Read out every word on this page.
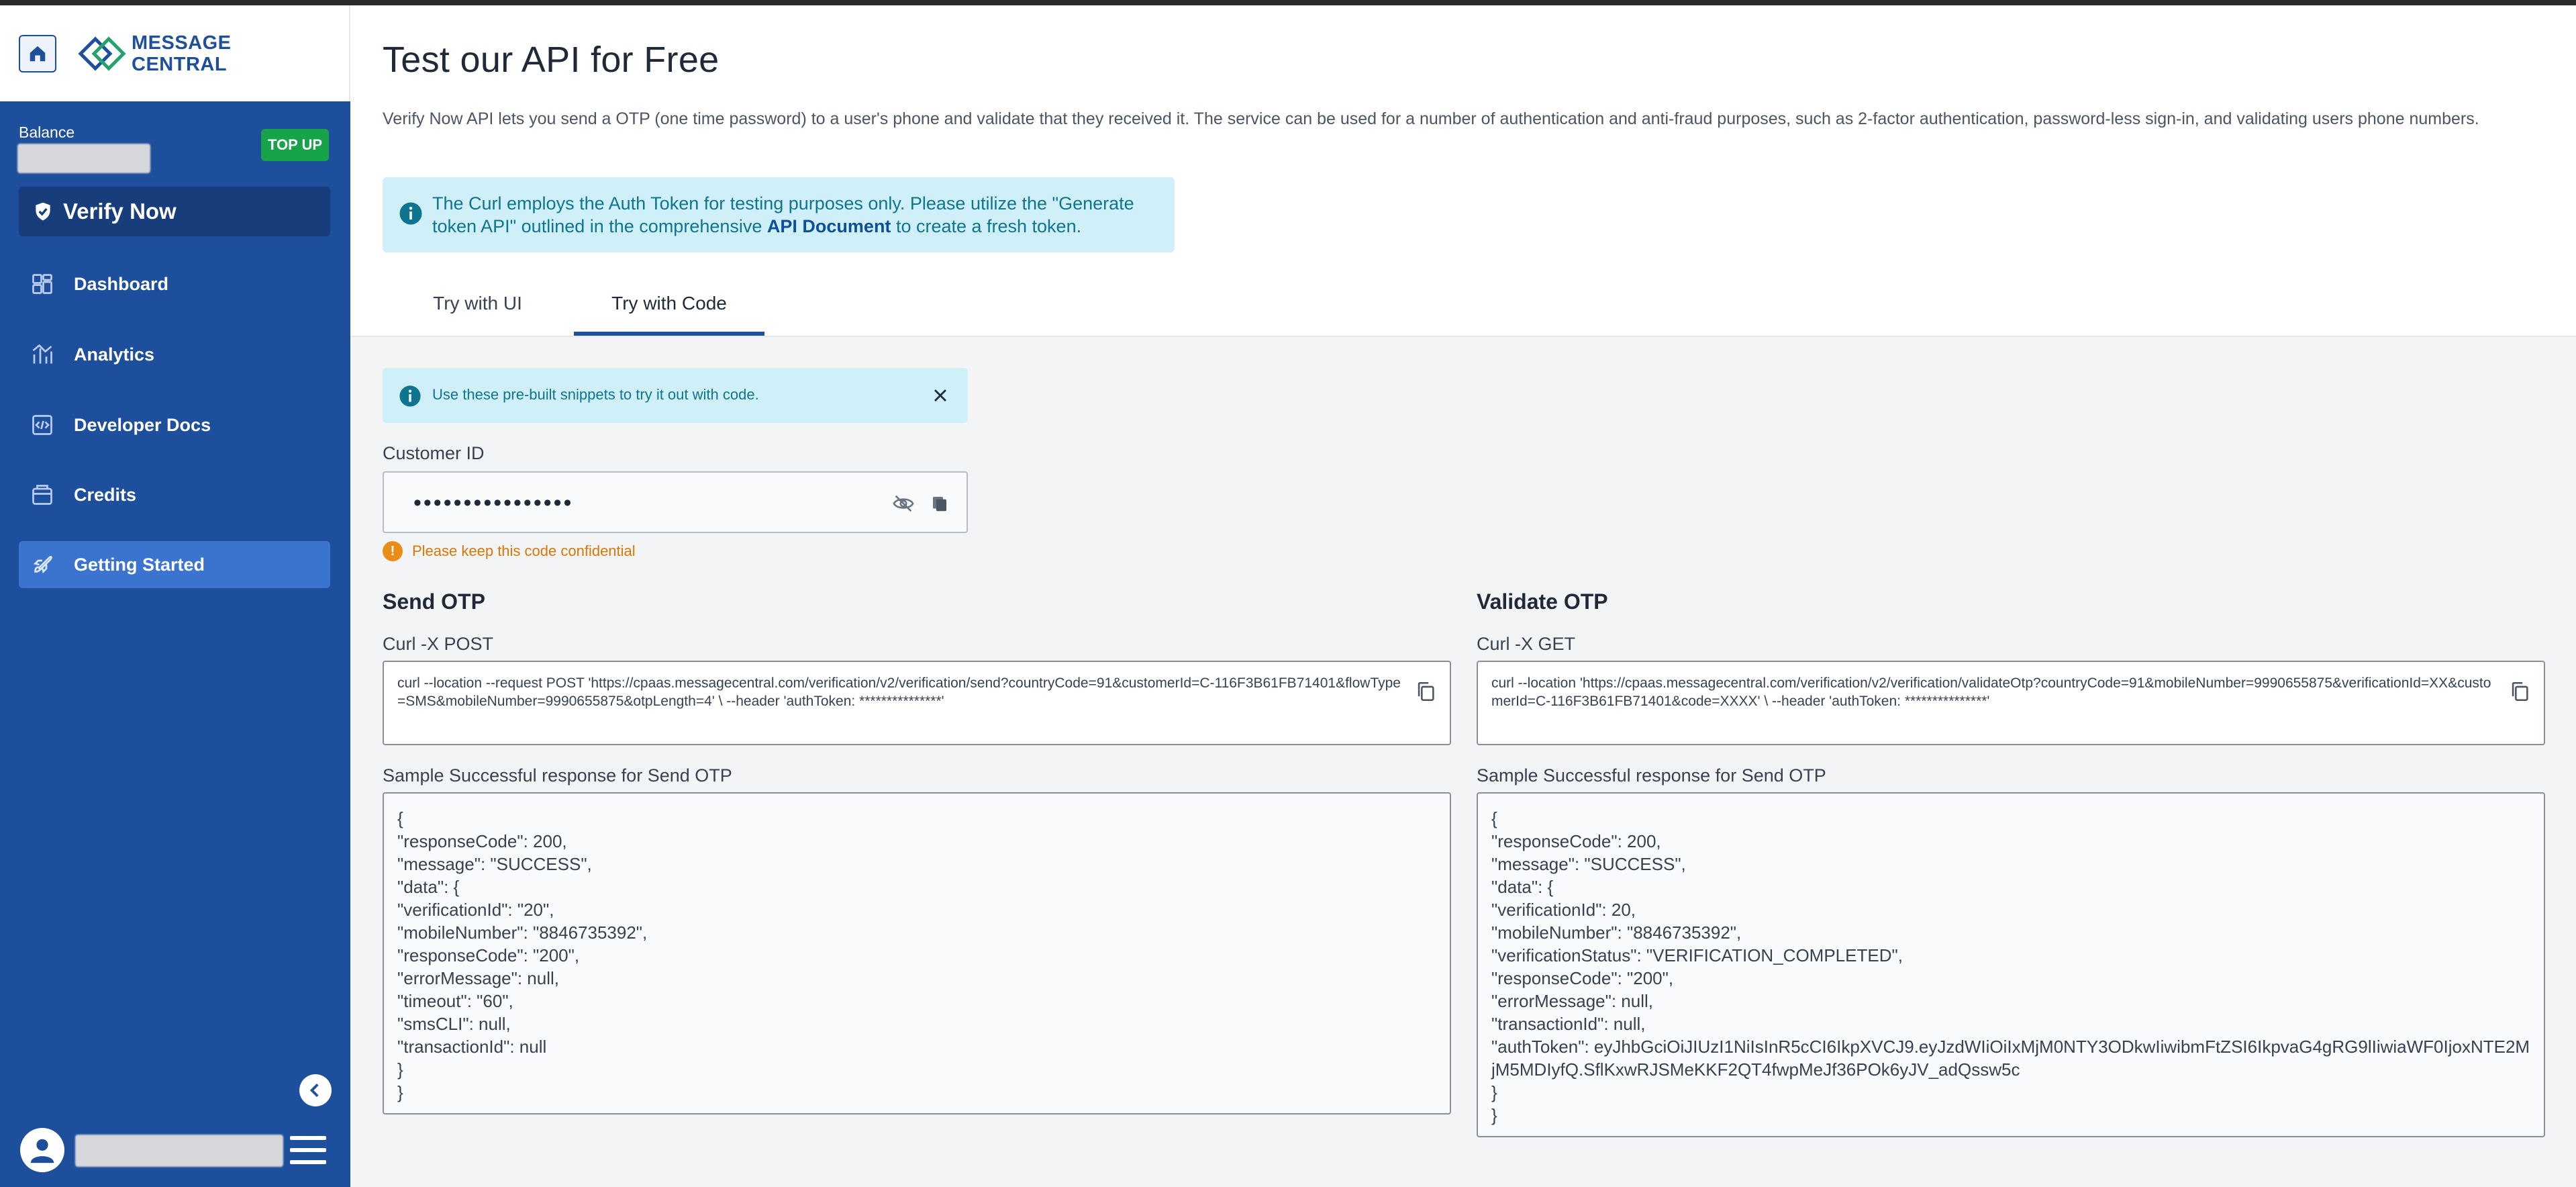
MESSAGE
CENTRAL
Balance
TOP UP
Verify Now
Dashboard
Analytics
Developer Docs
Credits
Getting Started
Test our API for Free

Verify Now API lets you send a OTP (one time password) to a user's phone and validate that they received it. The service can be used for a number of authentication and anti-fraud purposes, such as 2-factor authentication, password-less sign-in, and validating users phone numbers.

The Curl employs the Auth Token for testing purposes only. Please utilize the "Generate token API" outlined in the comprehensive API Document to create a fresh token.
Try with UI	Try with Code
Use these pre-built snippets to try it out with code.
Customer ID
••••••••••••••••
!	Please keep this code confidential
Send OTP
Curl -X POST
curl --location --request POST 'https://cpaas.messagecentral.com/verification/v2/verification/send?countryCode=91&customerId=C-116F3B61FB71401&flowType=SMS&mobileNumber=9990655875&otpLength=4' \ --header 'authToken: ***************'
Sample Successful response for Send OTP
{
"responseCode": 200,
"message": "SUCCESS",
"data": {
"verificationId": "20",
"mobileNumber": "8846735392",
"responseCode": "200",
"errorMessage": null,
"timeout": "60",
"smsCLI": null,
"transactionId": null
}
}
Validate OTP
Curl -X GET
curl --location 'https://cpaas.messagecentral.com/verification/v2/verification/validateOtp?countryCode=91&mobileNumber=9990655875&verificationId=XX&customerId=C-116F3B61FB71401&code=XXXX' \ --header 'authToken: ***************'
Sample Successful response for Send OTP
{
"responseCode": 200,
"message": "SUCCESS",
"data": {
"verificationId": 20,
"mobileNumber": "8846735392",
"verificationStatus": "VERIFICATION_COMPLETED",
"responseCode": "200",
"errorMessage": null,
"transactionId": null,
"authToken": eyJhbGciOiJIUzI1NiIsInR5cCI6IkpXVCJ9.eyJzdWIiOiIxMjM0NTY3ODkwIiwibmFtZSI6IkpvaG4gRG9lIiwiaWF0IjoxNTE2MjM5MDIyfQ.SflKxwRJSMeKKF2QT4fwpMeJf36POk6yJV_adQssw5c
}
}
